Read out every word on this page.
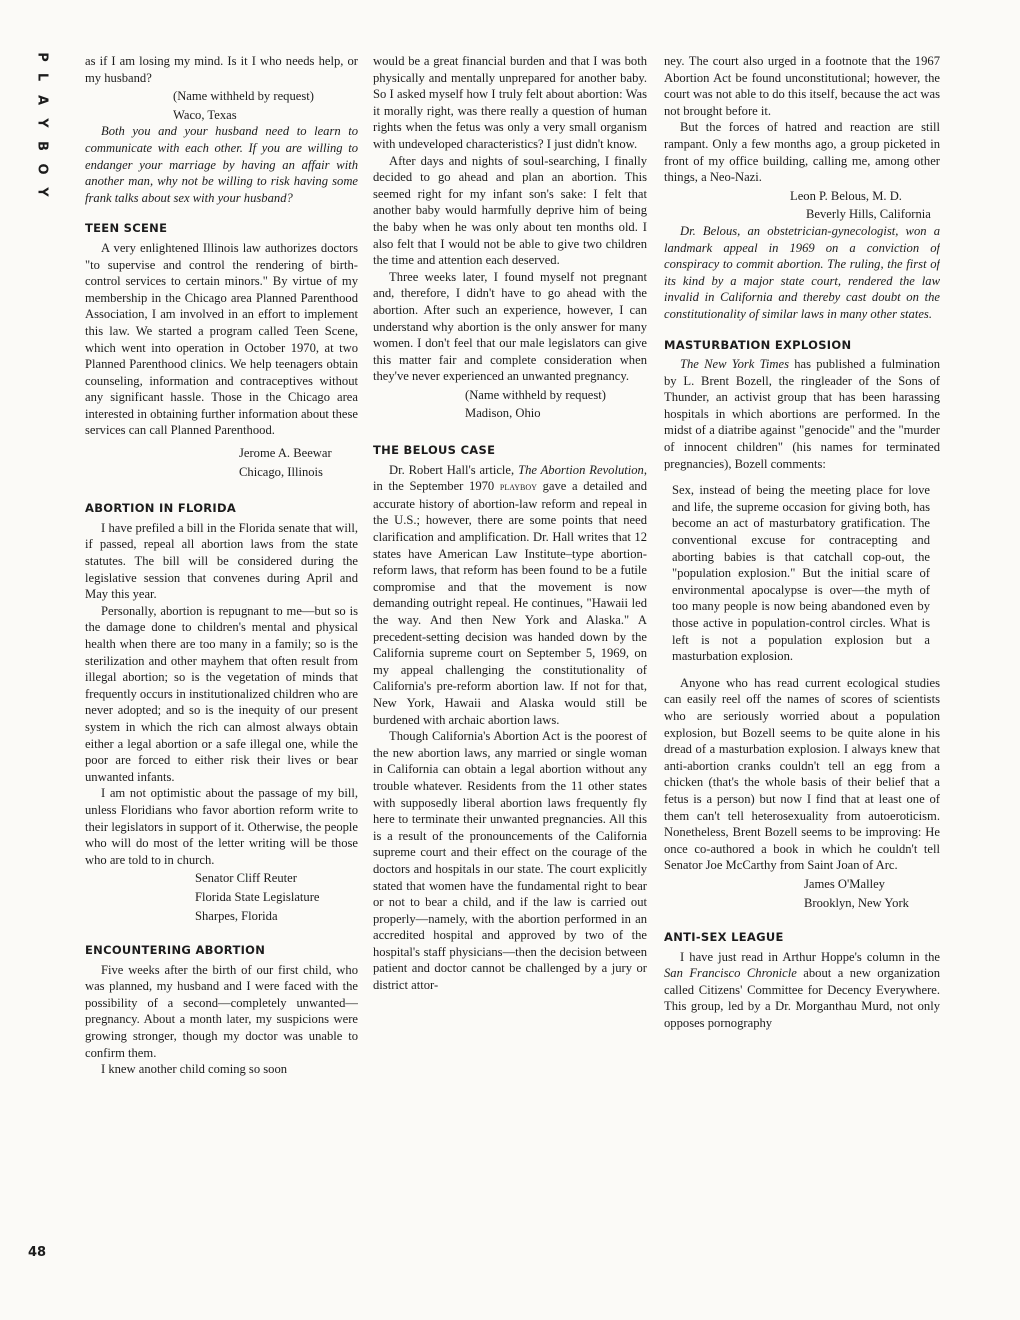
P
L
A
Y
B
O
Y
48

as if I am losing my mind. Is it I who needs help, or my husband?

(Name withheld by request)

Waco, Texas

Both you and your husband need to learn to communicate with each other. If you are willing to endanger your marriage by having an affair with another man, why not be willing to risk having some frank talks about sex with your husband?

TEEN SCENE

A very enlightened Illinois law authorizes doctors "to supervise and control the rendering of birth-control services to certain minors." By virtue of my membership in the Chicago area Planned Parenthood Association, I am involved in an effort to implement this law. We started a program called Teen Scene, which went into operation in October 1970, at two Planned Parenthood clinics. We help teenagers obtain counseling, information and contraceptives without any significant hassle. Those in the Chicago area interested in obtaining further information about these services can call Planned Parenthood.

Jerome A. Beewar

Chicago, Illinois

ABORTION IN FLORIDA

I have prefiled a bill in the Florida senate that will, if passed, repeal all abortion laws from the state statutes. The bill will be considered during the legislative session that convenes during April and May this year.

Personally, abortion is repugnant to me—but so is the damage done to children's mental and physical health when there are too many in a family; so is the sterilization and other mayhem that often result from illegal abortion; so is the vegetation of minds that frequently occurs in institutionalized children who are never adopted; and so is the inequity of our present system in which the rich can almost always obtain either a legal abortion or a safe illegal one, while the poor are forced to either risk their lives or bear unwanted infants.

I am not optimistic about the passage of my bill, unless Floridians who favor abortion reform write to their legislators in support of it. Otherwise, the people who will do most of the letter writing will be those who are told to in church.

Senator Cliff Reuter

Florida State Legislature

Sharpes, Florida

ENCOUNTERING ABORTION

Five weeks after the birth of our first child, who was planned, my husband and I were faced with the possibility of a second—completely unwanted—pregnancy. About a month later, my suspicions were growing stronger, though my doctor was unable to confirm them.

I knew another child coming so soon

would be a great financial burden and that I was both physically and mentally unprepared for another baby. So I asked myself how I truly felt about abortion: Was it morally right, was there really a question of human rights when the fetus was only a very small organism with undeveloped characteristics? I just didn't know.

After days and nights of soul-searching, I finally decided to go ahead and plan an abortion. This seemed right for my infant son's sake: I felt that another baby would harmfully deprive him of being the baby when he was only about ten months old. I also felt that I would not be able to give two children the time and attention each deserved.

Three weeks later, I found myself not pregnant and, therefore, I didn't have to go ahead with the abortion. After such an experience, however, I can understand why abortion is the only answer for many women. I don't feel that our male legislators can give this matter fair and complete consideration when they've never experienced an unwanted pregnancy.

(Name withheld by request)

Madison, Ohio

THE BELOUS CASE

Dr. Robert Hall's article, The Abortion Revolution, in the September 1970 playboy gave a detailed and accurate history of abortion-law reform and repeal in the U.S.; however, there are some points that need clarification and amplification. Dr. Hall writes that 12 states have American Law Institute–type abortion-reform laws, that reform has been found to be a futile compromise and that the movement is now demanding outright repeal. He continues, "Hawaii led the way. And then New York and Alaska." A precedent-setting decision was handed down by the California supreme court on September 5, 1969, on my appeal challenging the constitutionality of California's pre-reform abortion law. If not for that, New York, Hawaii and Alaska would still be burdened with archaic abortion laws.

Though California's Abortion Act is the poorest of the new abortion laws, any married or single woman in California can obtain a legal abortion without any trouble whatever. Residents from the 11 other states with supposedly liberal abortion laws frequently fly here to terminate their unwanted pregnancies. All this is a result of the pronouncements of the California supreme court and their effect on the courage of the doctors and hospitals in our state. The court explicitly stated that women have the fundamental right to bear or not to bear a child, and if the law is carried out properly—namely, with the abortion performed in an accredited hospital and approved by two of the hospital's staff physicians—then the decision between patient and doctor cannot be challenged by a jury or district attor-

ney. The court also urged in a footnote that the 1967 Abortion Act be found unconstitutional; however, the court was not able to do this itself, because the act was not brought before it.

But the forces of hatred and reaction are still rampant. Only a few months ago, a group picketed in front of my office building, calling me, among other things, a Neo-Nazi.

Leon P. Belous, M. D.

Beverly Hills, California

Dr. Belous, an obstetrician-gynecologist, won a landmark appeal in 1969 on a conviction of conspiracy to commit abortion. The ruling, the first of its kind by a major state court, rendered the law invalid in California and thereby cast doubt on the constitutionality of similar laws in many other states.

MASTURBATION EXPLOSION

The New York Times has published a fulmination by L. Brent Bozell, the ringleader of the Sons of Thunder, an activist group that has been harassing hospitals in which abortions are performed. In the midst of a diatribe against "genocide" and the "murder of innocent children" (his names for terminated pregnancies), Bozell comments:

Sex, instead of being the meeting place for love and life, the supreme occasion for giving both, has become an act of masturbatory gratification. The conventional excuse for contracepting and aborting babies is that catchall cop-out, the "population explosion." But the initial scare of environmental apocalypse is over—the myth of too many people is now being abandoned even by those active in population-control circles. What is left is not a population explosion but a masturbation explosion.

Anyone who has read current ecological studies can easily reel off the names of scores of scientists who are seriously worried about a population explosion, but Bozell seems to be quite alone in his dread of a masturbation explosion. I always knew that anti-abortion cranks couldn't tell an egg from a chicken (that's the whole basis of their belief that a fetus is a person) but now I find that at least one of them can't tell heterosexuality from autoeroticism. Nonetheless, Brent Bozell seems to be improving: He once co-authored a book in which he couldn't tell Senator Joe McCarthy from Saint Joan of Arc.

James O'Malley

Brooklyn, New York

ANTI-SEX LEAGUE

I have just read in Arthur Hoppe's column in the San Francisco Chronicle about a new organization called Citizens' Committee for Decency Everywhere. This group, led by a Dr. Morganthau Murd, not only opposes pornography
